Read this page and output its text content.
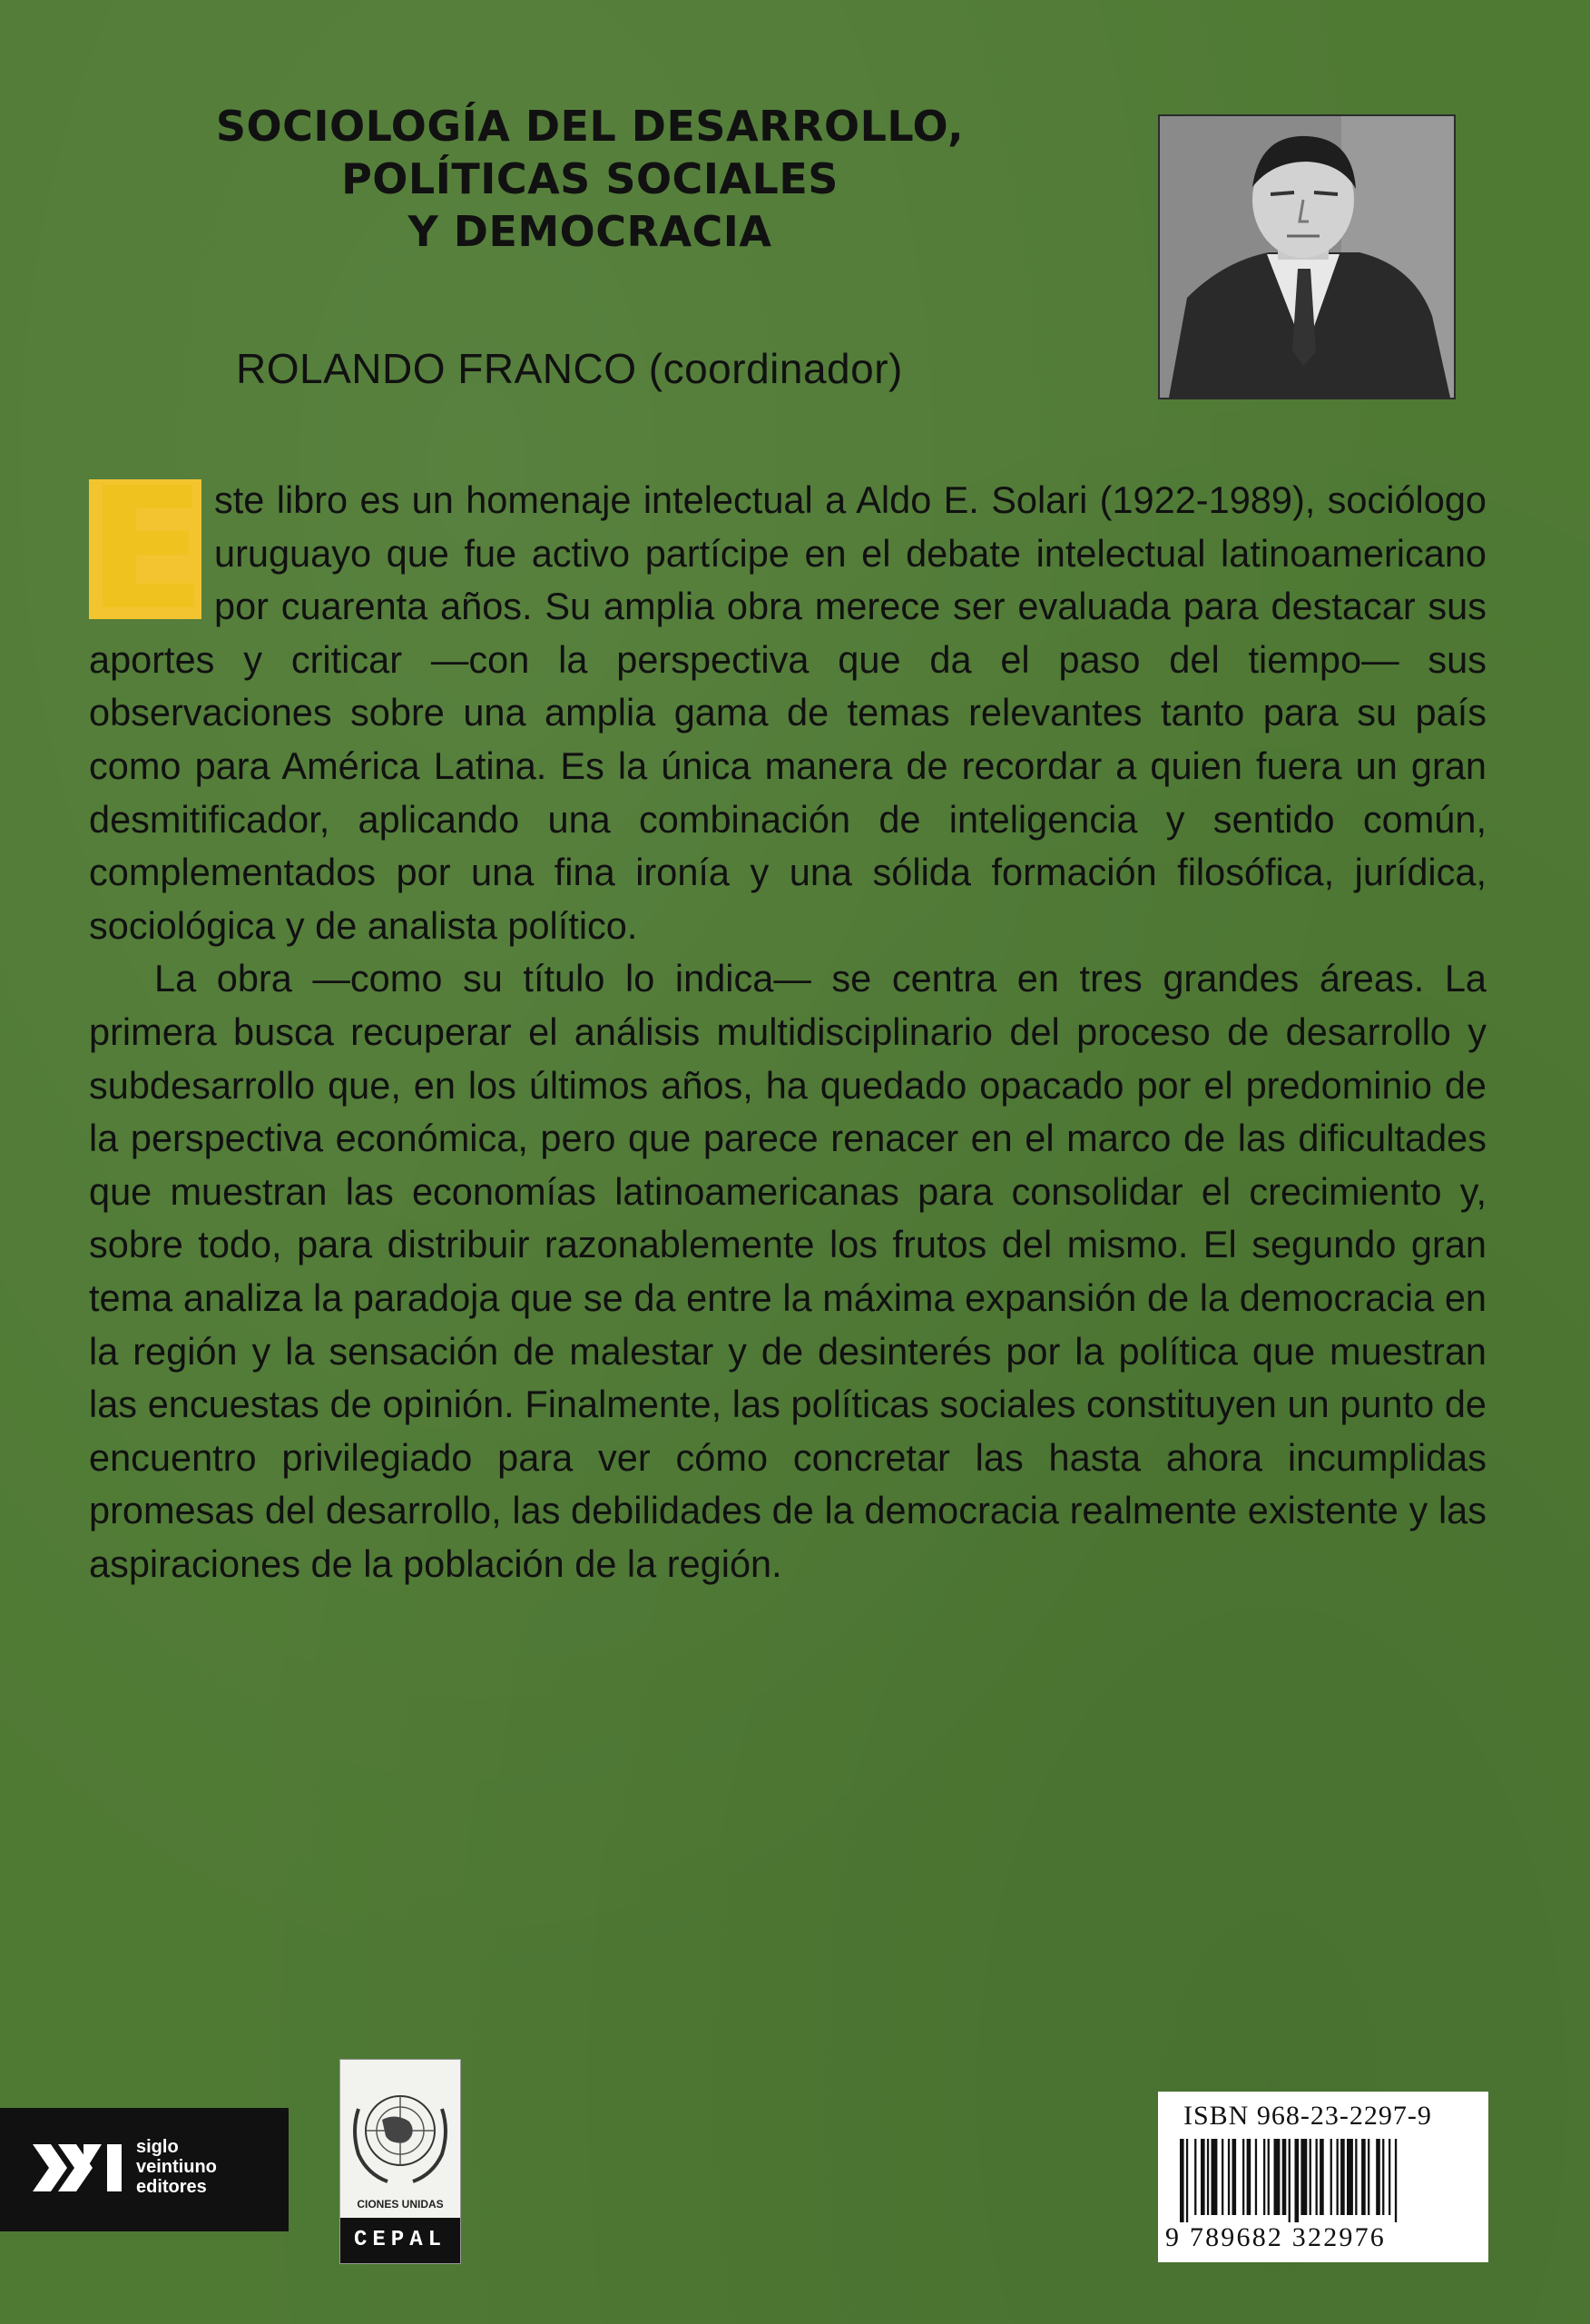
SOCIOLOGÍA DEL DESARROLLO,
POLÍTICAS SOCIALES
Y DEMOCRACIA
ROLANDO FRANCO (coordinador)

E ste libro es un homenaje intelectual a Aldo E. Solari (1922-1989), sociólogo uruguayo que fue activo partícipe en el debate intelectual latinoamericano por cuarenta años. Su amplia obra merece ser evaluada para destacar sus aportes y criticar —con la perspectiva que da el paso del tiempo— sus observaciones sobre una amplia gama de temas relevantes tanto para su país como para América Latina. Es la única manera de recordar a quien fuera un gran desmitificador, aplicando una combinación de inteligencia y sentido común, complementados por una fina ironía y una sólida formación filosófica, jurídica, sociológica y de analista político.

La obra —como su título lo indica— se centra en tres grandes áreas. La primera busca recuperar el análisis multidisciplinario del proceso de desarrollo y subdesarrollo que, en los últimos años, ha quedado opacado por el predominio de la perspectiva económica, pero que parece renacer en el marco de las dificultades que muestran las economías latinoamericanas para consolidar el crecimiento y, sobre todo, para distribuir razonablemente los frutos del mismo. El segundo gran tema analiza la paradoja que se da entre la máxima expansión de la democracia en la región y la sensación de malestar y de desinterés por la política que muestran las encuestas de opinión. Finalmente, las políticas sociales constituyen un punto de encuentro privilegiado para ver cómo concretar las hasta ahora incumplidas promesas del desarrollo, las debilidades de la democracia realmente existente y las aspiraciones de la población de la región.

siglo
veintiuno
editores
CIONES UNIDAS
CEPAL
ISBN 968-23-2297-9
9 789682 322976
